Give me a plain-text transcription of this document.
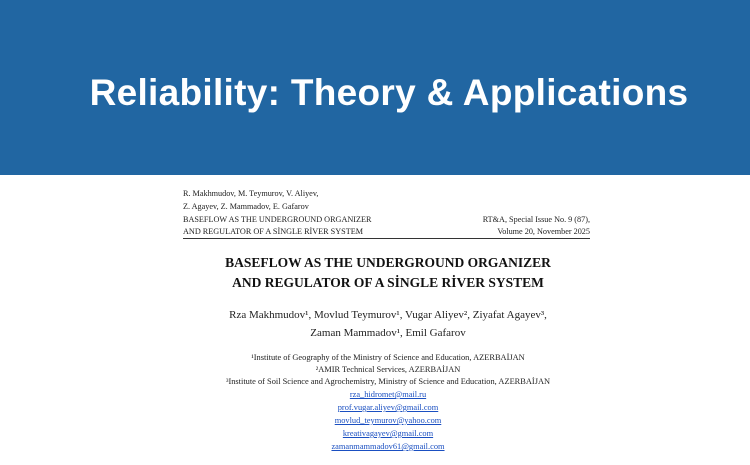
Reliability: Theory & Applications
R. Makhmudov, M. Teymurov, V. Aliyev,
Z. Agayev, Z. Mammadov, E. Gafarov
BASEFLOW AS THE UNDERGROUND ORGANIZER
AND REGULATOR OF A SİNGLE RİVER SYSTEM
RT&A, Special Issue No. 9 (87),
Volume 20, November 2025
BASEFLOW AS THE UNDERGROUND ORGANIZER
AND REGULATOR OF A SİNGLE RİVER SYSTEM
Rza Makhmudov¹, Movlud Teymurov¹, Vugar Aliyev², Ziyafat Agayev³,
Zaman Mammadov¹, Emil Gafarov
¹Institute of Geography of the Ministry of Science and Education, AZERBAİJAN
²AMIR Technical Services, AZERBAİJAN
³Institute of Soil Science and Agrochemistry, Ministry of Science and Education, AZERBAİJAN
rza_hidromet@mail.ru
prof.vugar.aliyev@gmail.com
movlud_teymurov@yahoo.com
kreativagayev@gmail.com
zamanmammadov61@gmail.com
